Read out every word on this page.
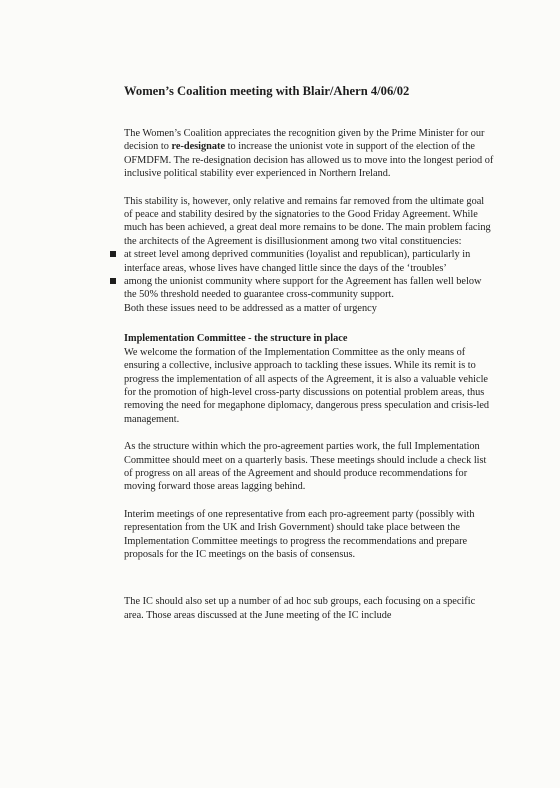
Women’s Coalition meeting with Blair/Ahern 4/06/02

The Women’s Coalition appreciates the recognition given by the Prime Minister for our decision to re-designate to increase the unionist vote in support of the election of the OFMDFM. The re-designation decision has allowed us to move into the longest period of inclusive political stability ever experienced in Northern Ireland.

This stability is, however, only relative and remains far removed from the ultimate goal of peace and stability desired by the signatories to the Good Friday Agreement. While much has been achieved, a great deal more remains to be done. The main problem facing the architects of the Agreement is disillusionment among two vital constituencies:

at street level among deprived communities (loyalist and republican), particularly in interface areas, whose lives have changed little since the days of the ‘troubles’
among the unionist community where support for the Agreement has fallen well below the 50% threshold needed to guarantee cross-community support.

Both these issues need to be addressed as a matter of urgency

Implementation Committee - the structure in place

We welcome the formation of the Implementation Committee as the only means of ensuring a collective, inclusive approach to tackling these issues. While its remit is to progress the implementation of all aspects of the Agreement, it is also a valuable vehicle for the promotion of high-level cross-party discussions on potential problem areas, thus removing the need for megaphone diplomacy, dangerous press speculation and crisis-led management.

As the structure within which the pro-agreement parties work, the full Implementation Committee should meet on a quarterly basis. These meetings should include a check list of progress on all areas of the Agreement and should produce recommendations for moving forward those areas lagging behind.

Interim meetings of one representative from each pro-agreement party (possibly with representation from the UK and Irish Government) should take place between the Implementation Committee meetings to progress the recommendations and prepare proposals for the IC meetings on the basis of consensus.

The IC should also set up a number of ad hoc sub groups, each focusing on a specific area. Those areas discussed at the June meeting of the IC include
